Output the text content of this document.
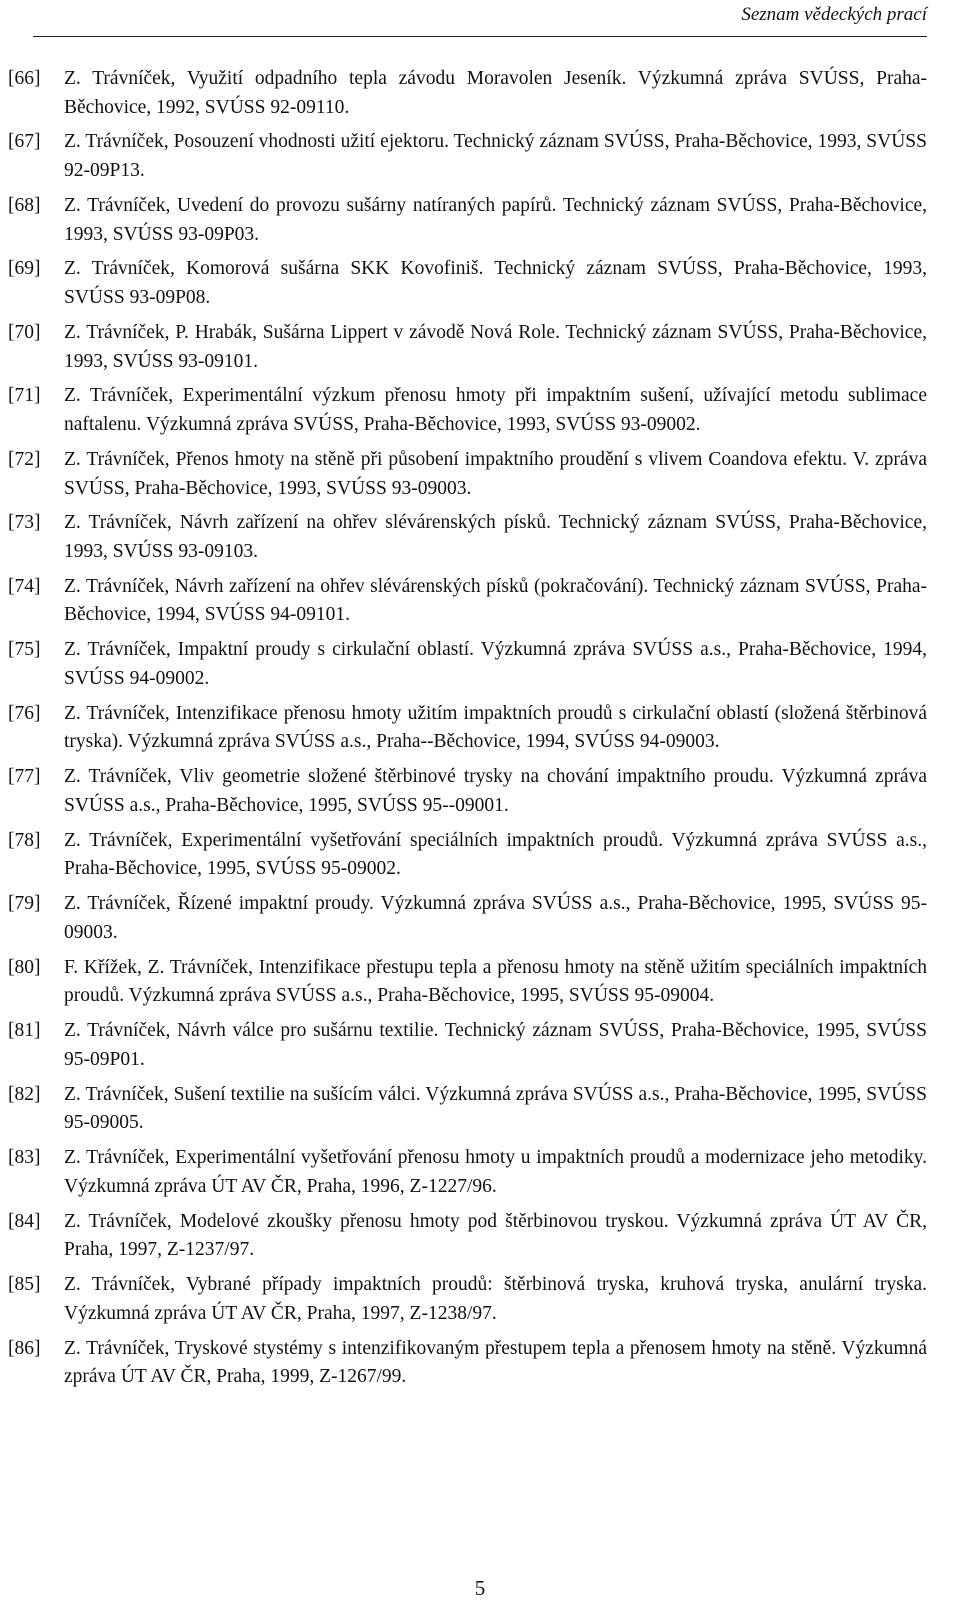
Seznam vědeckých prací
[66] Z. Trávníček, Využití odpadního tepla závodu Moravolen Jeseník. Výzkumná zpráva SVÚSS, Praha-Běchovice, 1992, SVÚSS 92-09110.
[67] Z. Trávníček, Posouzení vhodnosti užití ejektoru. Technický záznam SVÚSS, Praha-Běchovice, 1993, SVÚSS 92-09P13.
[68] Z. Trávníček, Uvedení do provozu sušárny natíraných papírů. Technický záznam SVÚSS, Praha-Běchovice, 1993, SVÚSS 93-09P03.
[69] Z. Trávníček, Komorová sušárna SKK Kovofiniš. Technický záznam SVÚSS, Praha-Běchovice, 1993, SVÚSS 93-09P08.
[70] Z. Trávníček, P. Hrabák, Sušárna Lippert v závodě Nová Role. Technický záznam SVÚSS, Praha-Běchovice, 1993, SVÚSS 93-09101.
[71] Z. Trávníček, Experimentální výzkum přenosu hmoty při impaktním sušení, užívající metodu sublimace naftalenu. Výzkumná zpráva SVÚSS, Praha-Běchovice, 1993, SVÚSS 93-09002.
[72] Z. Trávníček, Přenos hmoty na stěně při působení impaktního proudění s vlivem Coandova efektu. V. zpráva SVÚSS, Praha-Běchovice, 1993, SVÚSS 93-09003.
[73] Z. Trávníček, Návrh zařízení na ohřev slévárenských písků. Technický záznam SVÚSS, Praha-Běchovice, 1993, SVÚSS 93-09103.
[74] Z. Trávníček, Návrh zařízení na ohřev slévárenských písků (pokračování). Technický záznam SVÚSS, Praha-Běchovice, 1994, SVÚSS 94-09101.
[75] Z. Trávníček, Impaktní proudy s cirkulační oblastí. Výzkumná zpráva SVÚSS a.s., Praha-Běchovice, 1994, SVÚSS 94-09002.
[76] Z. Trávníček, Intenzifikace přenosu hmoty užitím impaktních proudů s cirkulační oblastí (složená štěrbinová tryska). Výzkumná zpráva SVÚSS a.s., Praha--Běchovice, 1994, SVÚSS 94-09003.
[77] Z. Trávníček, Vliv geometrie složené štěrbinové trysky na chování impaktního proudu. Výzkumná zpráva SVÚSS a.s., Praha-Běchovice, 1995, SVÚSS 95--09001.
[78] Z. Trávníček, Experimentální vyšetřování speciálních impaktních proudů. Výzkumná zpráva SVÚSS a.s., Praha-Běchovice, 1995, SVÚSS 95-09002.
[79] Z. Trávníček, Řízené impaktní proudy. Výzkumná zpráva SVÚSS a.s., Praha-Běchovice, 1995, SVÚSS 95-09003.
[80] F. Křížek, Z. Trávníček, Intenzifikace přestupu tepla a přenosu hmoty na stěně užitím speciálních impaktních proudů. Výzkumná zpráva SVÚSS a.s., Praha-Běchovice, 1995, SVÚSS 95-09004.
[81] Z. Trávníček, Návrh válce pro sušárnu textilie. Technický záznam SVÚSS, Praha-Běchovice, 1995, SVÚSS 95-09P01.
[82] Z. Trávníček, Sušení textilie na sušícím válci. Výzkumná zpráva SVÚSS a.s., Praha-Běchovice, 1995, SVÚSS 95-09005.
[83] Z. Trávníček, Experimentální vyšetřování přenosu hmoty u impaktních proudů a modernizace jeho metodiky. Výzkumná zpráva ÚT AV ČR, Praha, 1996, Z-1227/96.
[84] Z. Trávníček, Modelové zkoušky přenosu hmoty pod štěrbinovou tryskou. Výzkumná zpráva ÚT AV ČR, Praha, 1997, Z-1237/97.
[85] Z. Trávníček, Vybrané případy impaktních proudů: štěrbinová tryska, kruhová tryska, anulární tryska. Výzkumná zpráva ÚT AV ČR, Praha, 1997, Z-1238/97.
[86] Z. Trávníček, Tryskové stystémy s intenzifikovaným přestupem tepla a přenosem hmoty na stěně. Výzkumná zpráva ÚT AV ČR, Praha, 1999, Z-1267/99.
5
